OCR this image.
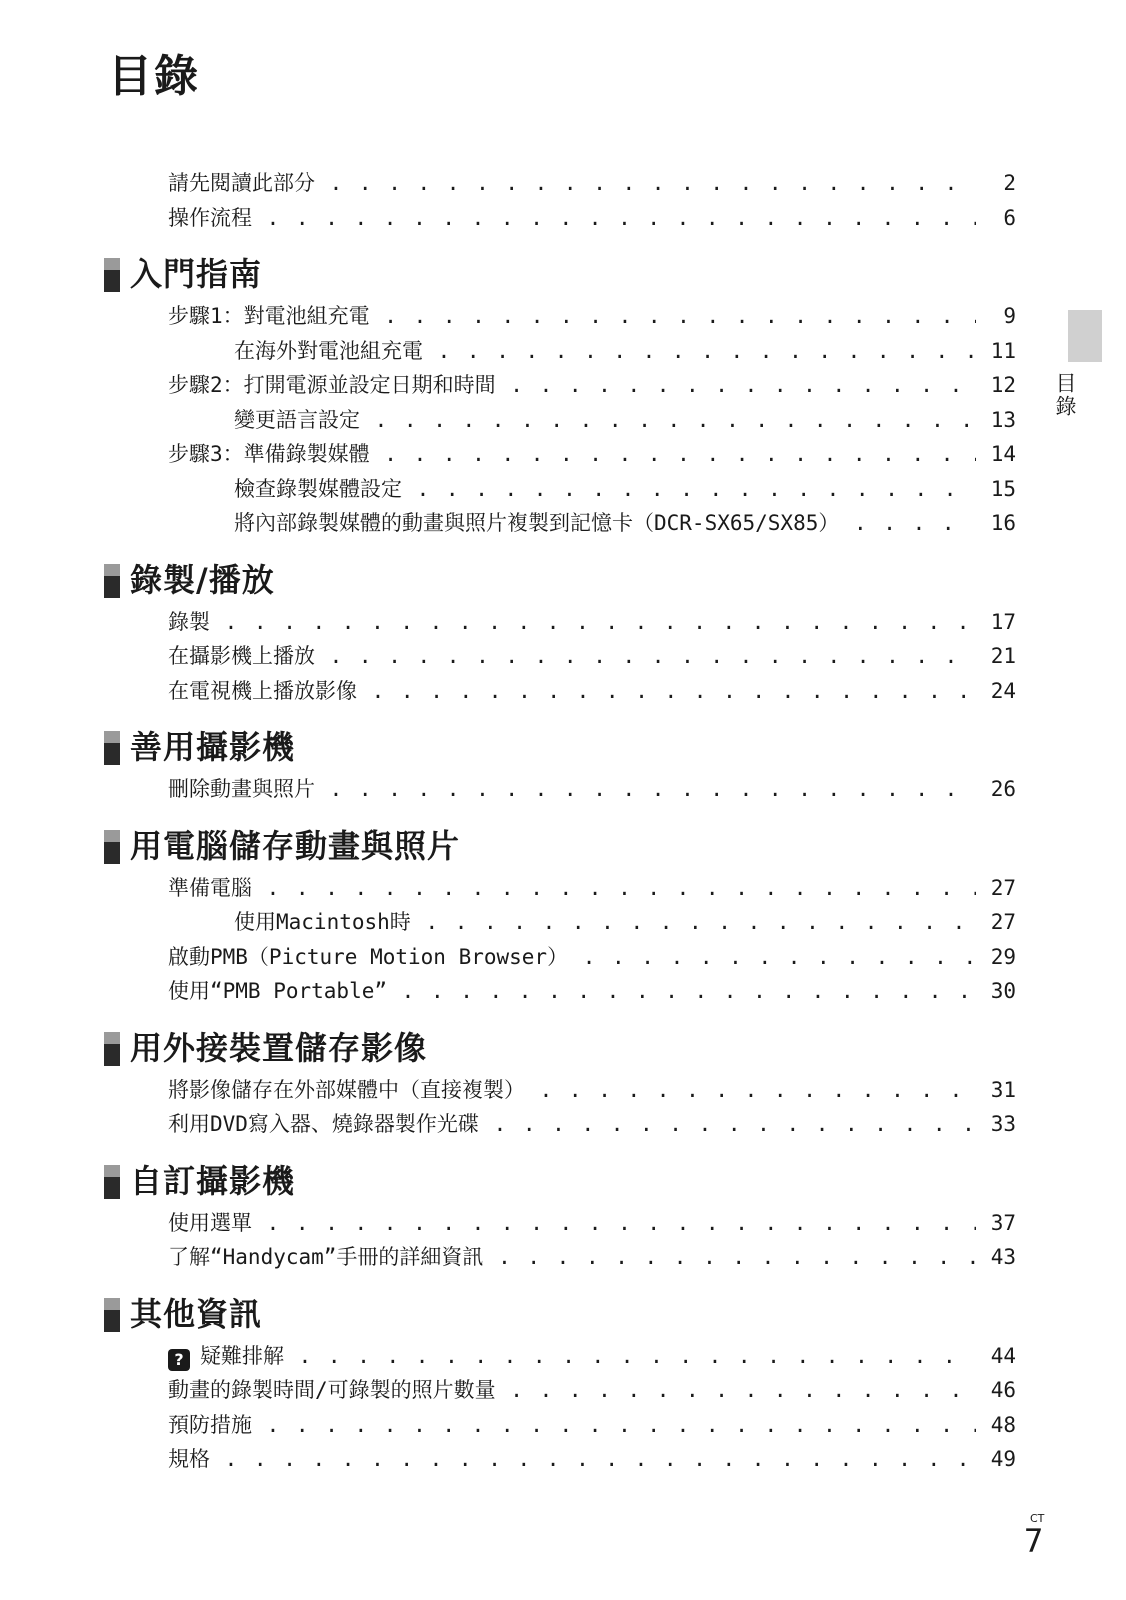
目錄
目錄
請先閱讀此部分 . . .	2
操作流程 . . .	6
入門指南
步驟1：對電池組充電 . . .	9
在海外對電池組充電 . . .	11
步驟2：打開電源並設定日期和時間 . . .	12
變更語言設定 . . .	13
步驟3：準備錄製媒體 . . .	14
檢查錄製媒體設定 . . .	15
將內部錄製媒體的動畫與照片複製到記憶卡（DCR-SX65/SX85） . . .	16
錄製/播放
錄製 . . .	17
在攝影機上播放 . . .	21
在電視機上播放影像 . . .	24
善用攝影機
刪除動畫與照片 . . .	26
用電腦儲存動畫與照片
準備電腦 . . .	27
使用Macintosh時 . . .	27
啟動PMB（Picture Motion Browser） . . .	29
使用“PMB Portable” . . .	30
用外接裝置儲存影像
將影像儲存在外部媒體中（直接複製） . . .	31
利用DVD寫入器、燒錄器製作光碟 . . .	33
自訂攝影機
使用選單 . . .	37
了解“Handycam”手冊的詳細資訊 . . .	43
其他資訊
? 疑難排解 . . .	44
動畫的錄製時間/可錄製的照片數量 . . .	46
預防措施 . . .	48
規格 . . .	49
CT
7
